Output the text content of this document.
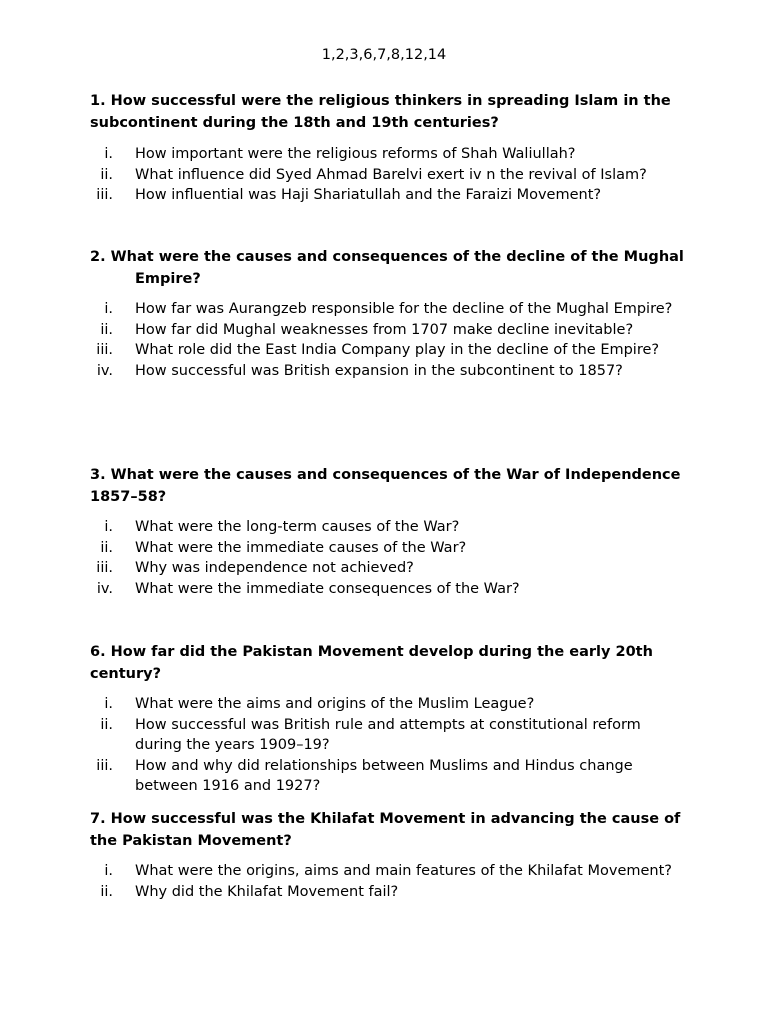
1,2,3,6,7,8,12,14

1. How successful were the religious thinkers in spreading Islam in the subcontinent during the 18th and 19th centuries?

i. How important were the religious reforms of Shah Waliullah?
ii. What influence did Syed Ahmad Barelvi exert iv n the revival of Islam?
iii. How influential was Haji Shariatullah and the Faraizi Movement?

2. What were the causes and consequences of the decline of the Mughal Empire?

i. How far was Aurangzeb responsible for the decline of the Mughal Empire?
ii. How far did Mughal weaknesses from 1707 make decline inevitable?
iii. What role did the East India Company play in the decline of the Empire?
iv. How successful was British expansion in the subcontinent to 1857?

3. What were the causes and consequences of the War of Independence 1857–58?

i. What were the long-term causes of the War?
ii. What were the immediate causes of the War?
iii. Why was independence not achieved?
iv. What were the immediate consequences of the War?

6. How far did the Pakistan Movement develop during the early 20th century?

i. What were the aims and origins of the Muslim League?
ii. How successful was British rule and attempts at constitutional reform during the years 1909–19?
iii. How and why did relationships between Muslims and Hindus change between 1916 and 1927?

7. How successful was the Khilafat Movement in advancing the cause of the Pakistan Movement?

i. What were the origins, aims and main features of the Khilafat Movement?
ii. Why did the Khilafat Movement fail?
